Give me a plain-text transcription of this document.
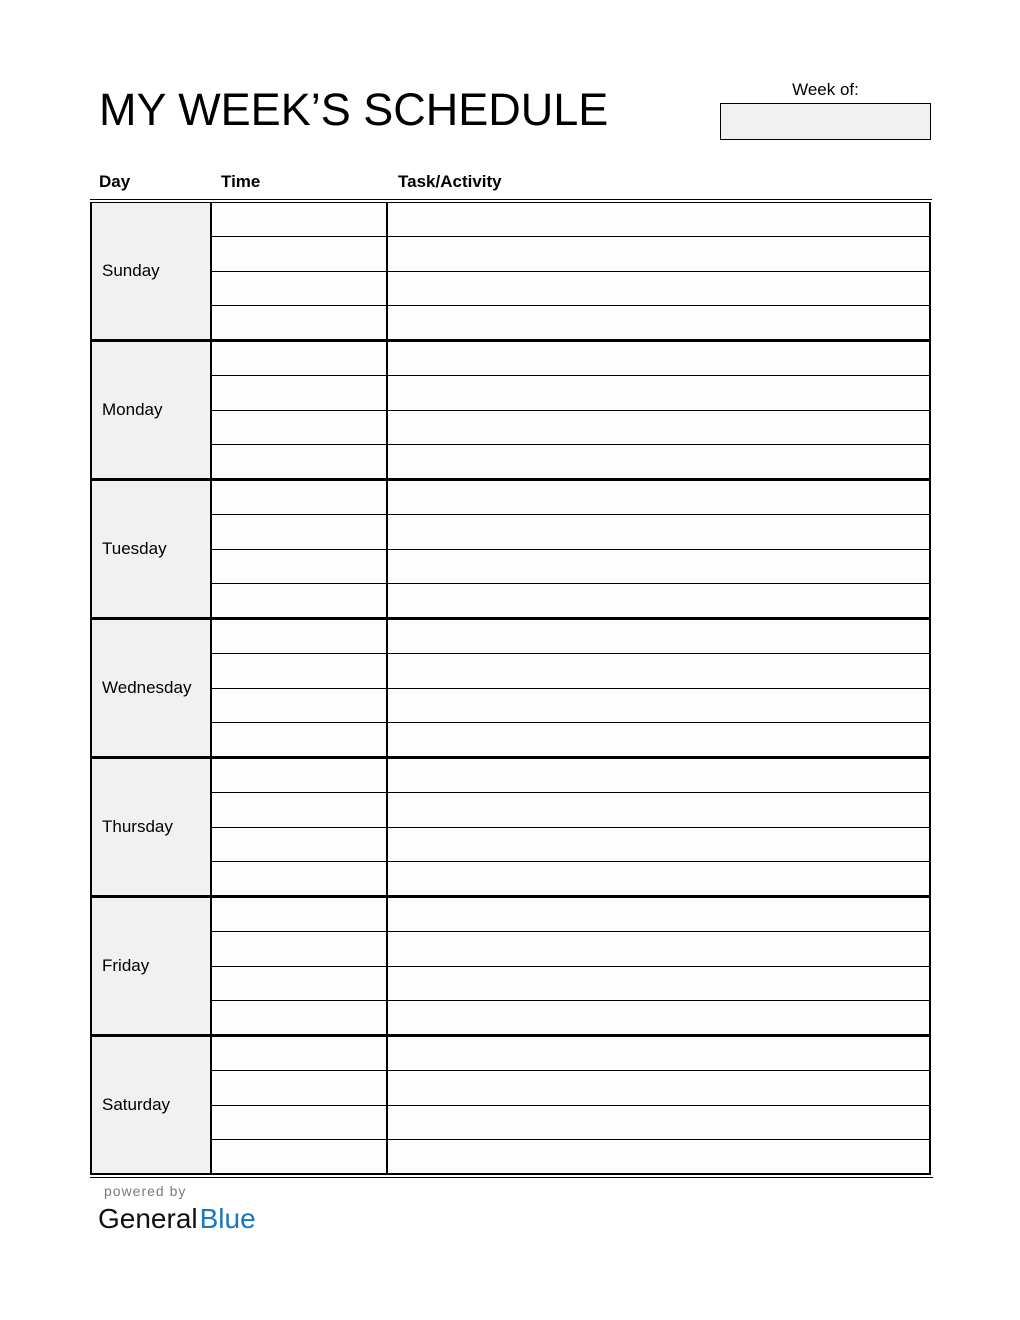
MY WEEK’S SCHEDULE	Week of:
Day	Time	Task/Activity
Sunday
Monday
Tuesday
Wednesday
Thursday
Friday
Saturday
powered by
GeneralBlue
